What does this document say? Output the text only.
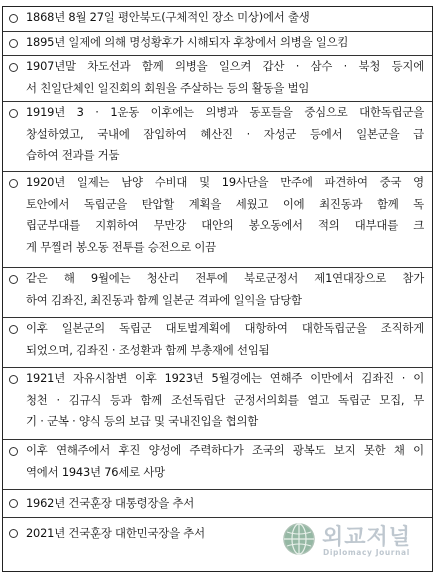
1868년 8월 27일 평안북도(구체적인 장소 미상)에서 출생
1895년 일제에 의해 명성황후가 시해되자 후창에서 의병을 일으킴
1907년말 차도선과 함께 의병을 일으켜 갑산 · 삼수 · 북청 등지에
서 친일단체인 일진회의 회원을 주살하는 등의 활동을 벌임
1919년 3 · 1운동 이후에는 의병과 동포들을 중심으로 대한독립군을
창설하였고, 국내에 잠입하여 혜산진 · 자성군 등에서 일본군을 급
습하여 전과를 거둠
1920년 일제는 남양 수비대 및 19사단을 만주에 파견하여 중국 영
토안에서 독립군을 탄압할 계획을 세웠고 이에 최진동과 함께 독
립군부대를 지휘하여 무만강 대안의 봉오동에서 적의 대부대를 크
게 무찔러 봉오동 전투를 승전으로 이끔
같은 해 9월에는 청산리 전투에 북로군정서 제1연대장으로 참가
하여 김좌진, 최진동과 함께 일본군 격파에 일익을 담당함
이후 일본군의 독립군 대토벌계획에 대항하여 대한독립군을 조직하게
되었으며, 김좌진 · 조성환과 함께 부총재에 선임됨
1921년 자유시참변 이후 1923년 5월경에는 연해주 이만에서 김좌진 · 이
청천 · 김규식 등과 함께 조선독립단 군정서의회를 열고 독립군 모집, 무
기 · 군복 · 양식 등의 보급 및 국내진입을 협의함
이후 연해주에서 후진 양성에 주력하다가 조국의 광복도 보지 못한 채 이
역에서 1943년 76세로 사망
1962년 건국훈장 대통령장을 추서
2021년 건국훈장 대한민국장을 추서	외교저널
Diplomacy Journal
